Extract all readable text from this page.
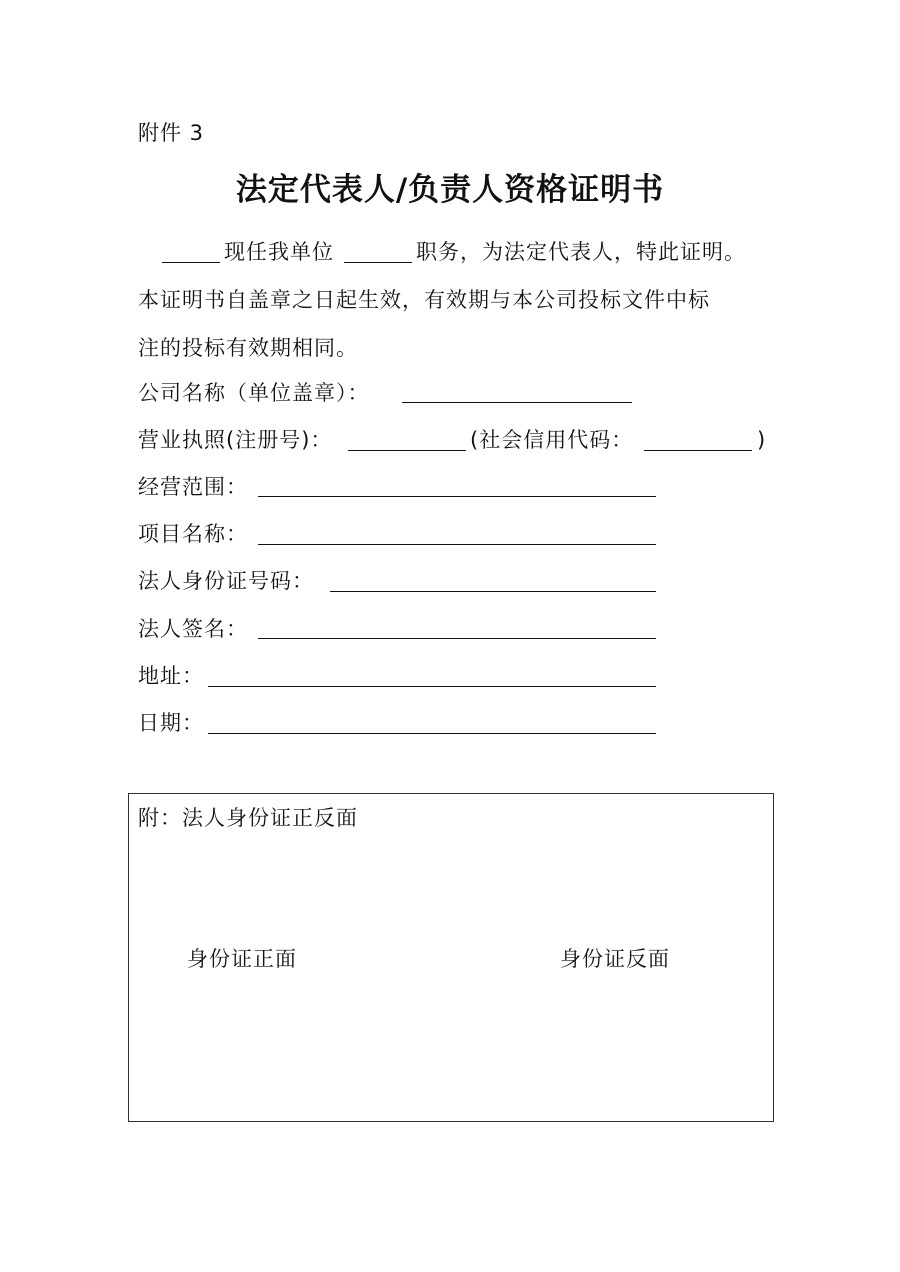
附件 3
法定代表人/负责人资格证明书
现任我单位	职务，为法定代表人，特此证明。
本证明书自盖章之日起生效，有效期与本公司投标文件中标
注的投标有效期相同。
公司名称（单位盖章）：
营业执照(注册号)：	(社会信用代码：	)
经营范围：
项目名称：
法人身份证号码：
法人签名：
地址：
日期：
附：法人身份证正反面
身份证正面	身份证反面
